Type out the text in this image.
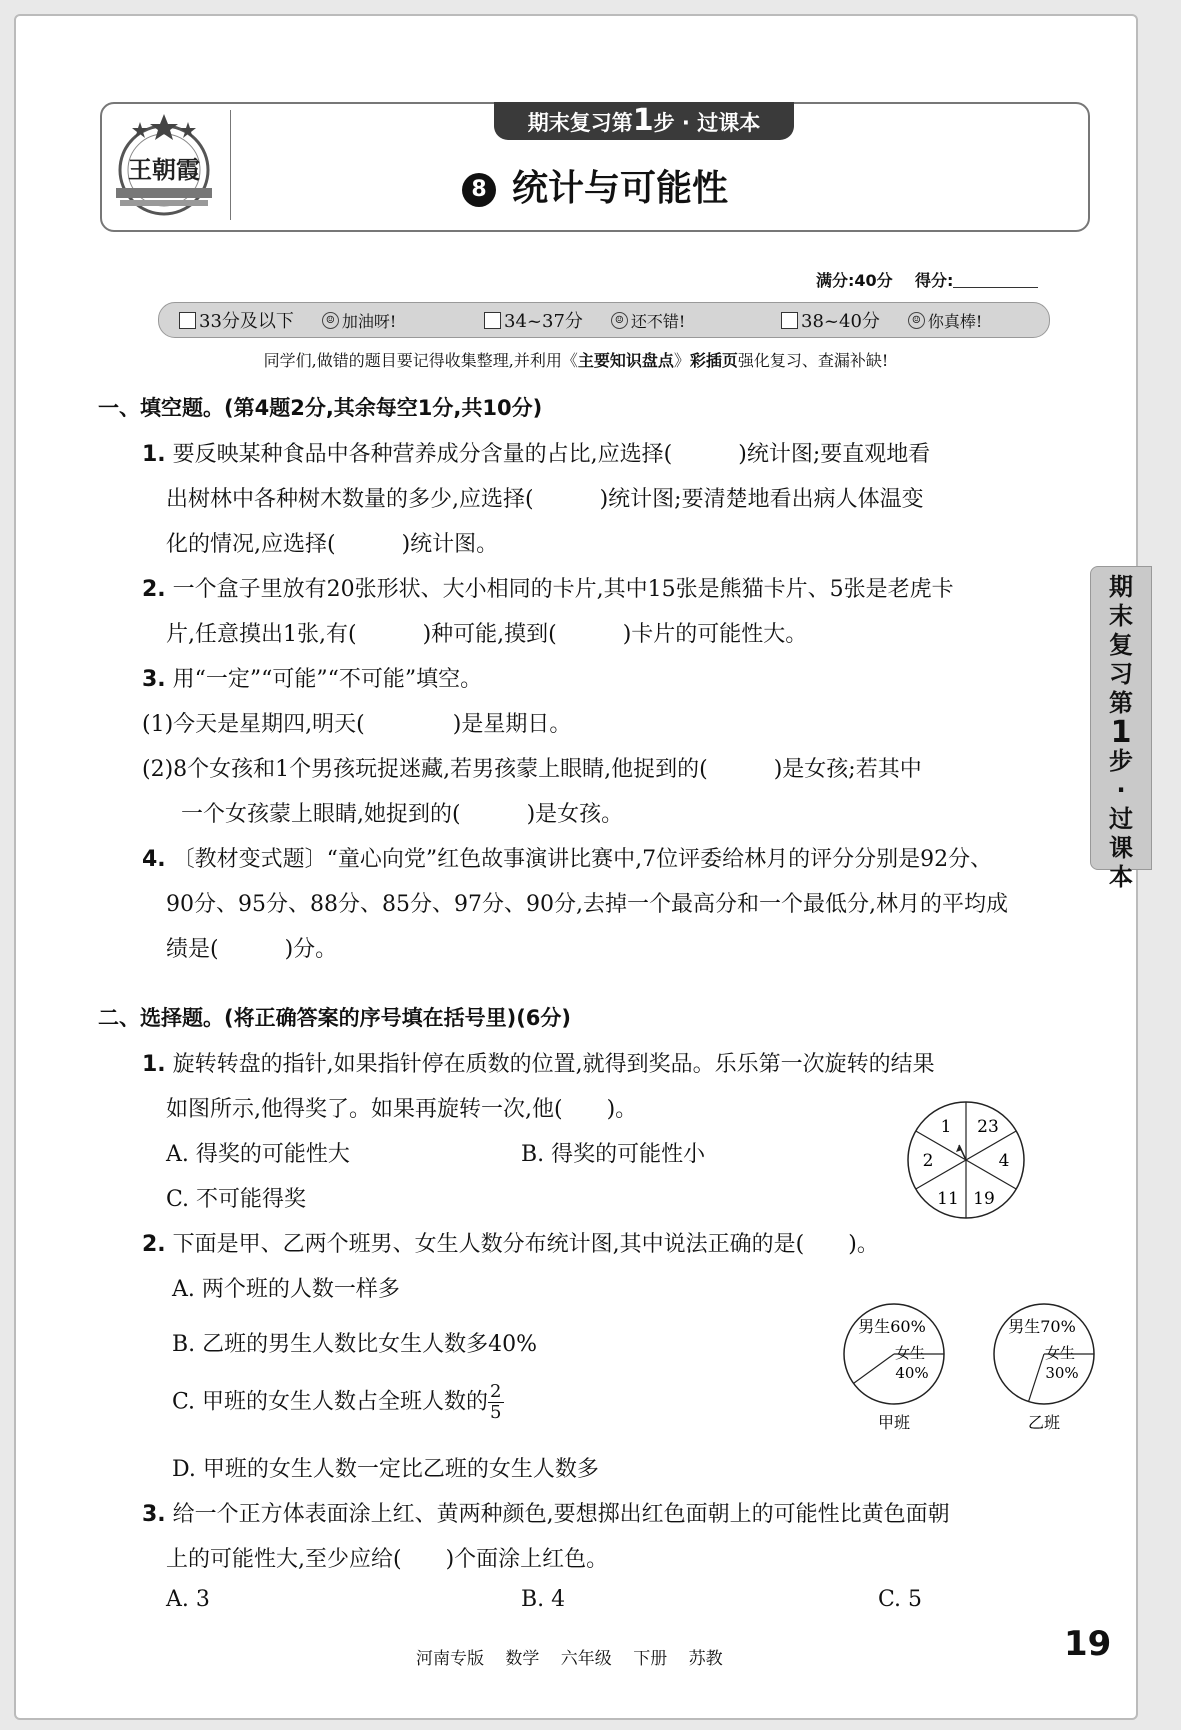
王朝霞
期末复习第1步 · 过课本
8 统计与可能性
满分:40分 得分:
33分及以下	☺ 加油呀!	34~37分	☺ 还不错!	38~40分	☺ 你真棒!
同学们,做错的题目要记得收集整理,并利用《主要知识盘点》彩插页强化复习、查漏补缺!
一、填空题。(第4题2分,其余每空1分,共10分)
1. 要反映某种食品中各种营养成分含量的占比,应选择(　　　)统计图;要直观地看
出树林中各种树木数量的多少,应选择(　　　)统计图;要清楚地看出病人体温变
化的情况,应选择(　　　)统计图。
2. 一个盒子里放有20张形状、大小相同的卡片,其中15张是熊猫卡片、5张是老虎卡
片,任意摸出1张,有(　　　)种可能,摸到(　　　)卡片的可能性大。
3. 用“一定”“可能”“不可能”填空。
(1)今天是星期四,明天(　　　　)是星期日。
(2)8个女孩和1个男孩玩捉迷藏,若男孩蒙上眼睛,他捉到的(　　　)是女孩;若其中
一个女孩蒙上眼睛,她捉到的(　　　)是女孩。
4. 〔教材变式题〕“童心向党”红色故事演讲比赛中,7位评委给林月的评分分别是92分、
90分、95分、88分、85分、97分、90分,去掉一个最高分和一个最低分,林月的平均成
绩是(　　　)分。
二、选择题。(将正确答案的序号填在括号里)(6分)
1. 旋转转盘的指针,如果指针停在质数的位置,就得到奖品。乐乐第一次旋转的结果
如图所示,他得奖了。如果再旋转一次,他(　　)。
A. 得奖的可能性大	B. 得奖的可能性小
C. 不可能得奖
1 23
4
19
11
2
2. 下面是甲、乙两个班男、女生人数分布统计图,其中说法正确的是(　　)。
A. 两个班的人数一样多
B. 乙班的男生人数比女生人数多40%
C. 甲班的女生人数占全班人数的 $\frac{2}{5}$
D. 甲班的女生人数一定比乙班的女生人数多
男生60%
女生
40%
甲班
男生70%
女生
30%
乙班
3. 给一个正方体表面涂上红、黄两种颜色,要想掷出红色面朝上的可能性比黄色面朝
上的可能性大,至少应给(　　)个面涂上红色。
A. 3	B. 4	C. 5
河南专版 数学 六年级 下册 苏教	19
期
末
复
习
第
1
步
·
过
课
本
